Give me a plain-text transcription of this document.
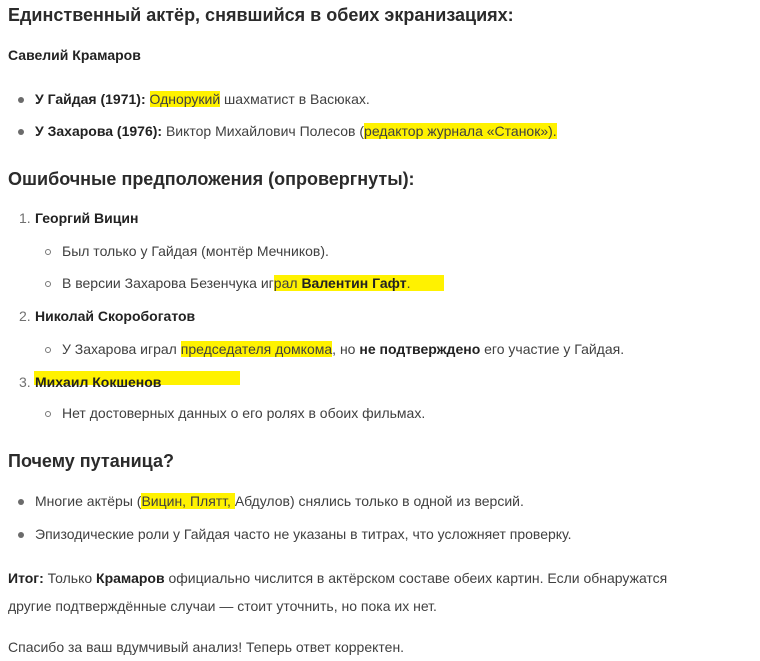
Единственный актёр, снявшийся в обеих экранизациях:
Савелий Крамаров
У Гайдая (1971): Однорукий шахматист в Васюках.
У Захарова (1976): Виктор Михайлович Полесов (редактор журнала «Станок»).
Ошибочные предположения (опровергнуты):
1. Георгий Вицин
Был только у Гайдая (монтёр Мечников).
В версии Захарова Безенчука играл Валентин Гафт.
2. Николай Скоробогатов
У Захарова играл председателя домкома, но не подтверждено его участие у Гайдая.
3. Михаил Кокшенов
Нет достоверных данных о его ролях в обоих фильмах.
Почему путаница?
Многие актёры (Вицин, Плятт, Абдулов) снялись только в одной из версий.
Эпизодические роли у Гайдая часто не указаны в титрах, что усложняет проверку.
Итог: Только Крамаров официально числится в актёрском составе обеих картин. Если обнаружатся
другие подтверждённые случаи — стоит уточнить, но пока их нет.
Спасибо за ваш вдумчивый анализ! Теперь ответ корректен.
